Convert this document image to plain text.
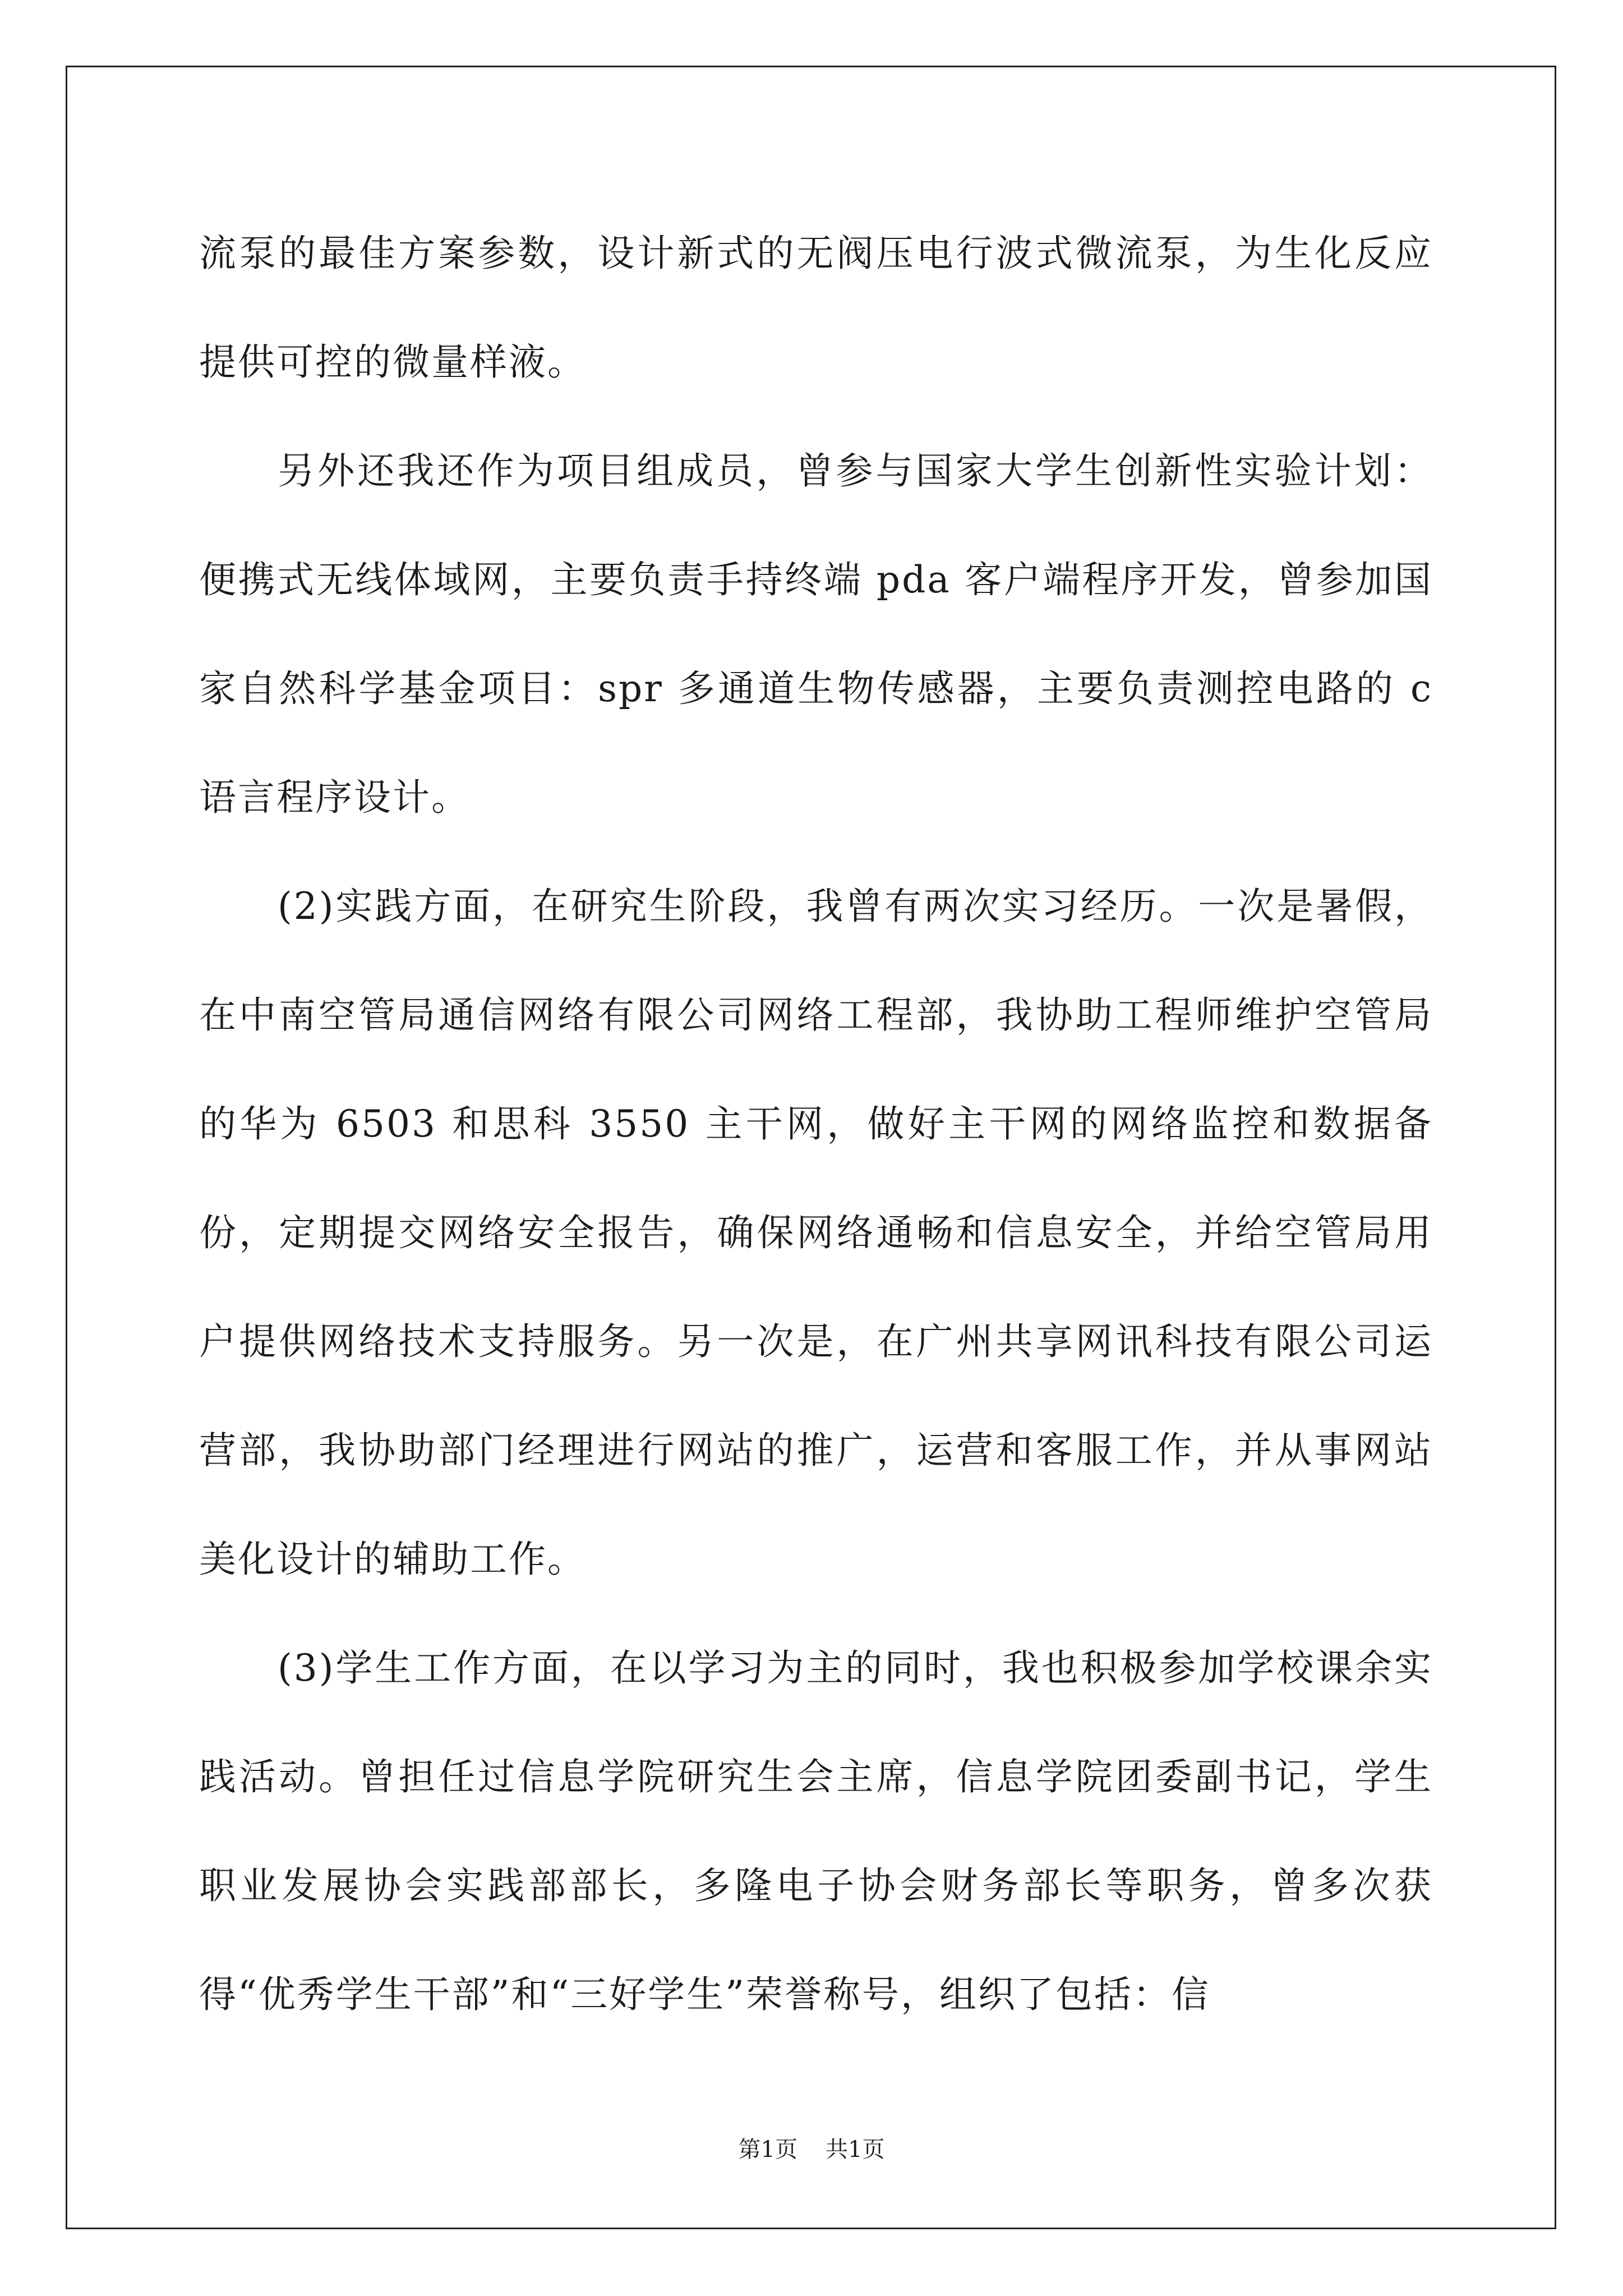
流泵的最佳方案参数，设计新式的无阀压电行波式微流泵，为生化反应提供可控的微量样液。

另外还我还作为项目组成员，曾参与国家大学生创新性实验计划：便携式无线体域网，主要负责手持终端 pda 客户端程序开发，曾参加国家自然科学基金项目：spr 多通道生物传感器，主要负责测控电路的 c 语言程序设计。

(2)实践方面，在研究生阶段，我曾有两次实习经历。一次是暑假，在中南空管局通信网络有限公司网络工程部，我协助工程师维护空管局的华为 6503 和思科 3550 主干网，做好主干网的网络监控和数据备份，定期提交网络安全报告，确保网络通畅和信息安全，并给空管局用户提供网络技术支持服务。另一次是，在广州共享网讯科技有限公司运营部，我协助部门经理进行网站的推广，运营和客服工作，并从事网站美化设计的辅助工作。

(3)学生工作方面，在以学习为主的同时，我也积极参加学校课余实践活动。曾担任过信息学院研究生会主席，信息学院团委副书记，学生职业发展协会实践部部长，多隆电子协会财务部长等职务，曾多次获得“优秀学生干部”和“三好学生”荣誉称号，组织了包括：信

第1页 共1页
